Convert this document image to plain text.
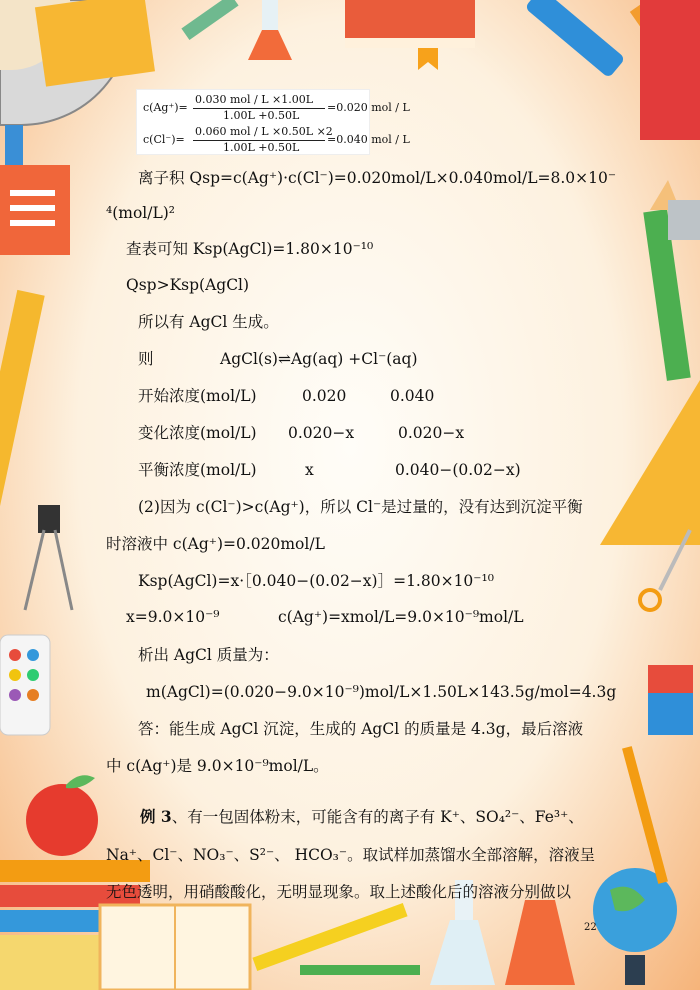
c(Ag⁺)=
0.030 mol / L ×1.00L
1.00L +0.50L
=0.020 mol / L
c(Cl⁻)=
0.060 mol / L ×0.50L ×2
1.00L +0.50L
=0.040 mol / L
离子积 Qsp=c(Ag⁺)·c(Cl⁻)=0.020mol/L×0.040mol/L=8.0×10⁻
⁴(mol/L)²
查表可知 Ksp(AgCl)=1.80×10⁻¹⁰
Qsp>Ksp(AgCl)
所以有 AgCl 生成。
则	AgCl(s)⇌Ag(aq) +Cl⁻(aq)
开始浓度(mol/L)	0.020	0.040
变化浓度(mol/L) 0.020−x	0.020−x
平衡浓度(mol/L)	x	0.040−(0.02−x)
(2)因为 c(Cl⁻)>c(Ag⁺)，所以 Cl⁻是过量的，没有达到沉淀平衡
时溶液中 c(Ag⁺)=0.020mol/L
Ksp(AgCl)=x·［0.040−(0.02−x)］=1.80×10⁻¹⁰
x=9.0×10⁻⁹	c(Ag⁺)=xmol/L=9.0×10⁻⁹mol/L
析出 AgCl 质量为：
m(AgCl)=(0.020−9.0×10⁻⁹)mol/L×1.50L×143.5g/mol=4.3g
答：能生成 AgCl 沉淀，生成的 AgCl 的质量是 4.3g，最后溶液
中 c(Ag⁺)是 9.0×10⁻⁹mol/L。
例 3、有一包固体粉末，可能含有的离子有 K⁺、SO₄²⁻、Fe³⁺、
Na⁺、Cl⁻、NO₃⁻、S²⁻、 HCO₃⁻。取试样加蒸馏水全部溶解，溶液呈
无色透明，用硝酸酸化，无明显现象。取上述酸化后的溶液分别做以
22
